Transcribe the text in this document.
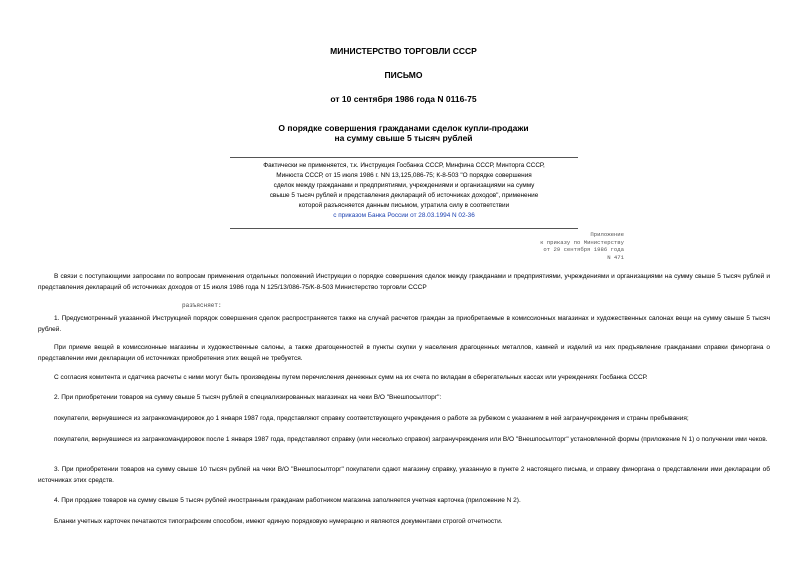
МИНИСТЕРСТВО ТОРГОВЛИ СССР
ПИСЬМО
от 10 сентября 1986 года N 0116-75
О порядке совершения гражданами сделок купли-продажи
на сумму свыше 5 тысяч рублей
Фактически не применяется, т.к. Инструкция Госбанка СССР, Минфина СССР, Минторга СССР,
Минюста СССР, от 15 июля 1986 г. NN 13,125,086-75; К-8-503 "О порядке совершения
сделок между гражданами и предприятиями, учреждениями и организациями на сумму
свыше 5 тысяч рублей и представления деклараций об источниках доходов", применение
которой разъясняется данным письмом, утратила силу в соответствии
с приказом Банка России от 28.03.1994 N 02-36
Приложение
к приказу по Министерству
от 29 сентября 1986 года
N 471
В связи с поступающими запросами по вопросам применения отдельных положений Инструкции о порядке совершения сделок между гражданами и предприятиями, учреждениями и организациями на сумму свыше 5 тысяч рублей и представления деклараций об источниках доходов от 15 июля 1986 года N 125/13/086-75/К-8-503 Министерство торговли СССР
разъясняет:
1. Предусмотренный указанной Инструкцией порядок совершения сделок распространяется также на случай расчетов граждан за приобретаемые в комиссионных магазинах и художественных салонах вещи на сумму свыше 5 тысяч рублей.
При приеме вещей в комиссионные магазины и художественные салоны, а также драгоценностей в пункты скупки у населения драгоценных металлов, камней и изделий из них предъявление гражданами справки финоргана о представлении ими декларации об источниках приобретения этих вещей не требуется.
С согласия комитента и сдатчика расчеты с ними могут быть произведены путем перечисления денежных сумм на их счета по вкладам в сберегательных кассах или учреждениях Госбанка СССР.
2. При приобретении товаров на сумму свыше 5 тысяч рублей в специализированных магазинах на чеки В/О "Внешпосылторг":
покупатели, вернувшиеся из загранкомандировок до 1 января 1987 года, представляют справку соответствующего учреждения о работе за рубежом с указанием в ней загранучреждения и страны пребывания;
покупатели, вернувшиеся из загранкомандировок после 1 января 1987 года, представляют справку (или несколько справок) загранучреждения или В/О "Внешпосылторг" установленной формы (приложение N 1) о получении ими чеков.
3. При приобретении товаров на сумму свыше 10 тысяч рублей на чеки В/О "Внешпосылторг" покупатели сдают магазину справку, указанную в пункте 2 настоящего письма, и справку финоргана о представлении ими декларации об источниках этих средств.
4. При продаже товаров на сумму свыше 5 тысяч рублей иностранным гражданам работником магазина заполняется учетная карточка (приложение N 2).
Бланки учетных карточек печатаются типографским способом, имеют единую порядковую нумерацию и являются документами строгой отчетности.
